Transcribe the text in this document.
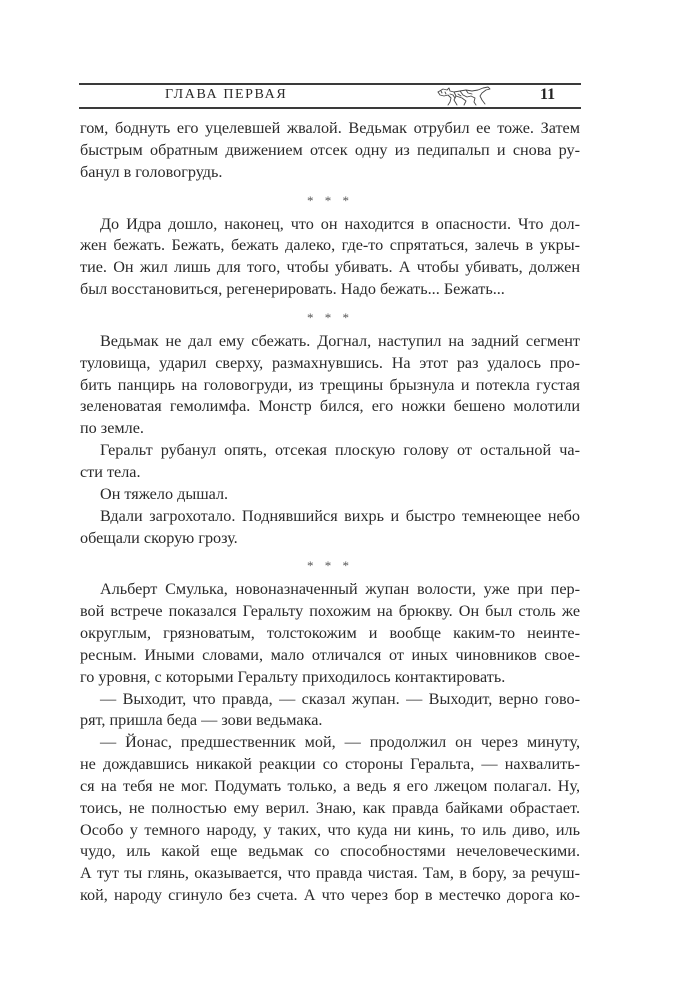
ГЛАВА ПЕРВАЯ	11
гом, боднуть его уцелевшей жвалой. Ведьмак отрубил ее тоже. Затем
быстрым обратным движением отсек одну из педипальп и снова ру-
банул в головогрудь.
* * *
До Идра дошло, наконец, что он находится в опасности. Что дол-
жен бежать. Бежать, бежать далеко, где-то спрятаться, залечь в укры-
тие. Он жил лишь для того, чтобы убивать. А чтобы убивать, должен
был восстановиться, регенерировать. Надо бежать... Бежать...
* * *
Ведьмак не дал ему сбежать. Догнал, наступил на задний сегмент
туловища, ударил сверху, размахнувшись. На этот раз удалось про-
бить панцирь на головогруди, из трещины брызнула и потекла густая
зеленоватая гемолимфа. Монстр бился, его ножки бешено молотили
по земле.
Геральт рубанул опять, отсекая плоскую голову от остальной ча-
сти тела.
Он тяжело дышал.
Вдали загрохотало. Поднявшийся вихрь и быстро темнеющее небо
обещали скорую грозу.
* * *
Альберт Смулька, новоназначенный жупан волости, уже при пер-
вой встрече показался Геральту похожим на брюкву. Он был столь же
округлым, грязноватым, толстокожим и вообще каким-то неинте-
ресным. Иными словами, мало отличался от иных чиновников свое-
го уровня, с которыми Геральту приходилось контактировать.
— Выходит, что правда, — сказал жупан. — Выходит, верно гово-
рят, пришла беда — зови ведьмака.
— Йонас, предшественник мой, — продолжил он через минуту,
не дождавшись никакой реакции со стороны Геральта, — нахвалить-
ся на тебя не мог. Подумать только, а ведь я его лжецом полагал. Ну,
тоись, не полностью ему верил. Знаю, как правда байками обрастает.
Особо у темного народу, у таких, что куда ни кинь, то иль диво, иль
чудо, иль какой еще ведьмак со способностями нечеловеческими.
А тут ты глянь, оказывается, что правда чистая. Там, в бору, за речуш-
кой, народу сгинуло без счета. А что через бор в местечко дорога ко-
